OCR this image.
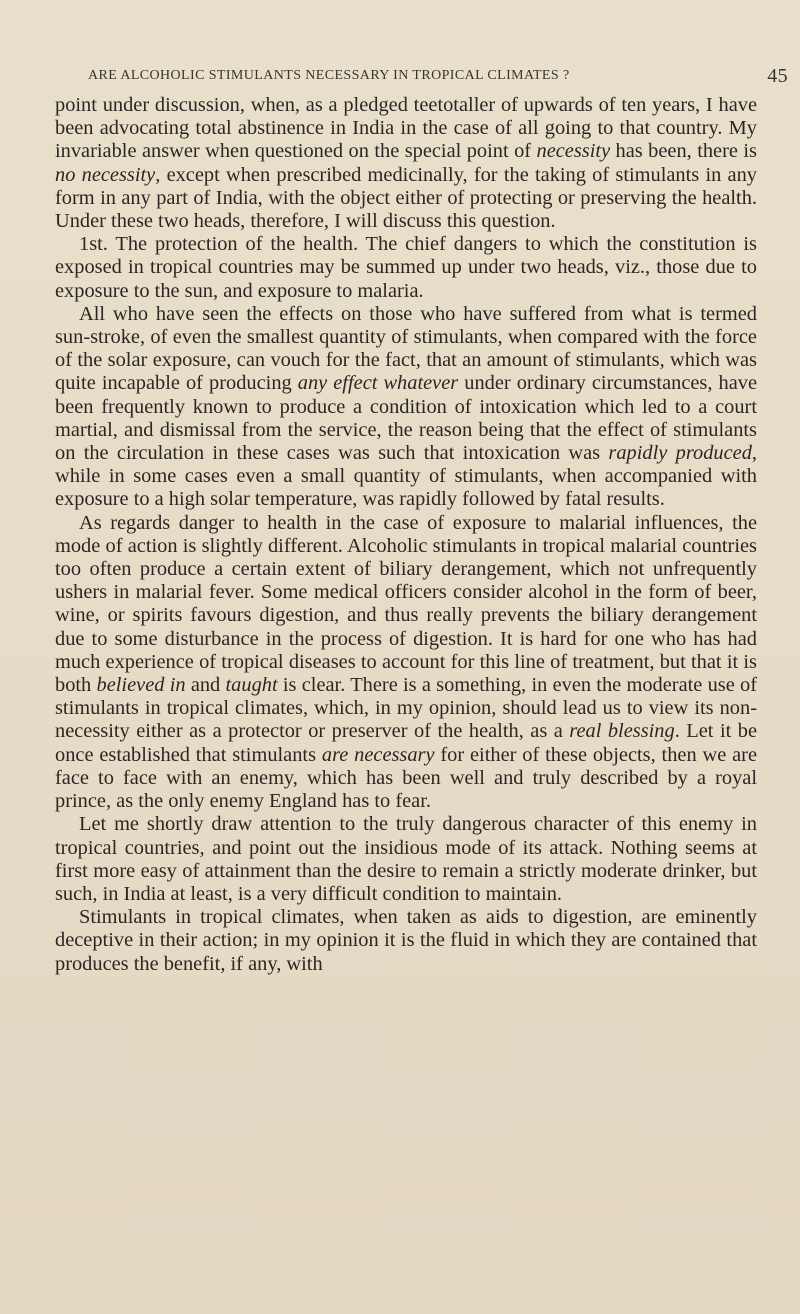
ARE ALCOHOLIC STIMULANTS NECESSARY IN TROPICAL CLIMATES ?	45

point under discussion, when, as a pledged teetotaller of upwards of ten years, I have been advocating total abstinence in India in the case of all going to that country. My invariable answer when questioned on the special point of necessity has been, there is no necessity, except when prescribed medicinally, for the taking of stimulants in any form in any part of India, with the object either of protecting or preserving the health. Under these two heads, therefore, I will discuss this question.

1st. The protection of the health. The chief dangers to which the constitution is exposed in tropical countries may be summed up under two heads, viz., those due to exposure to the sun, and exposure to malaria.

All who have seen the effects on those who have suffered from what is termed sun-stroke, of even the smallest quantity of stimulants, when compared with the force of the solar exposure, can vouch for the fact, that an amount of stimulants, which was quite incapable of producing any effect whatever under ordinary circumstances, have been frequently known to produce a condition of intoxication which led to a court martial, and dismissal from the service, the reason being that the effect of stimulants on the circulation in these cases was such that intoxication was rapidly produced, while in some cases even a small quantity of stimulants, when accompanied with exposure to a high solar temperature, was rapidly followed by fatal results.

As regards danger to health in the case of exposure to malarial influences, the mode of action is slightly different. Alcoholic stimulants in tropical malarial countries too often produce a certain extent of biliary derangement, which not unfrequently ushers in malarial fever. Some medical officers consider alcohol in the form of beer, wine, or spirits favours digestion, and thus really prevents the biliary derangement due to some disturbance in the process of digestion. It is hard for one who has had much experience of tropical diseases to account for this line of treatment, but that it is both believed in and taught is clear. There is a something, in even the moderate use of stimulants in tropical climates, which, in my opinion, should lead us to view its non-necessity either as a protector or preserver of the health, as a real blessing. Let it be once established that stimulants are necessary for either of these objects, then we are face to face with an enemy, which has been well and truly described by a royal prince, as the only enemy England has to fear.

Let me shortly draw attention to the truly dangerous character of this enemy in tropical countries, and point out the insidious mode of its attack. Nothing seems at first more easy of attainment than the desire to remain a strictly moderate drinker, but such, in India at least, is a very difficult condition to maintain.

Stimulants in tropical climates, when taken as aids to digestion, are eminently deceptive in their action; in my opinion it is the fluid in which they are contained that produces the benefit, if any, with
